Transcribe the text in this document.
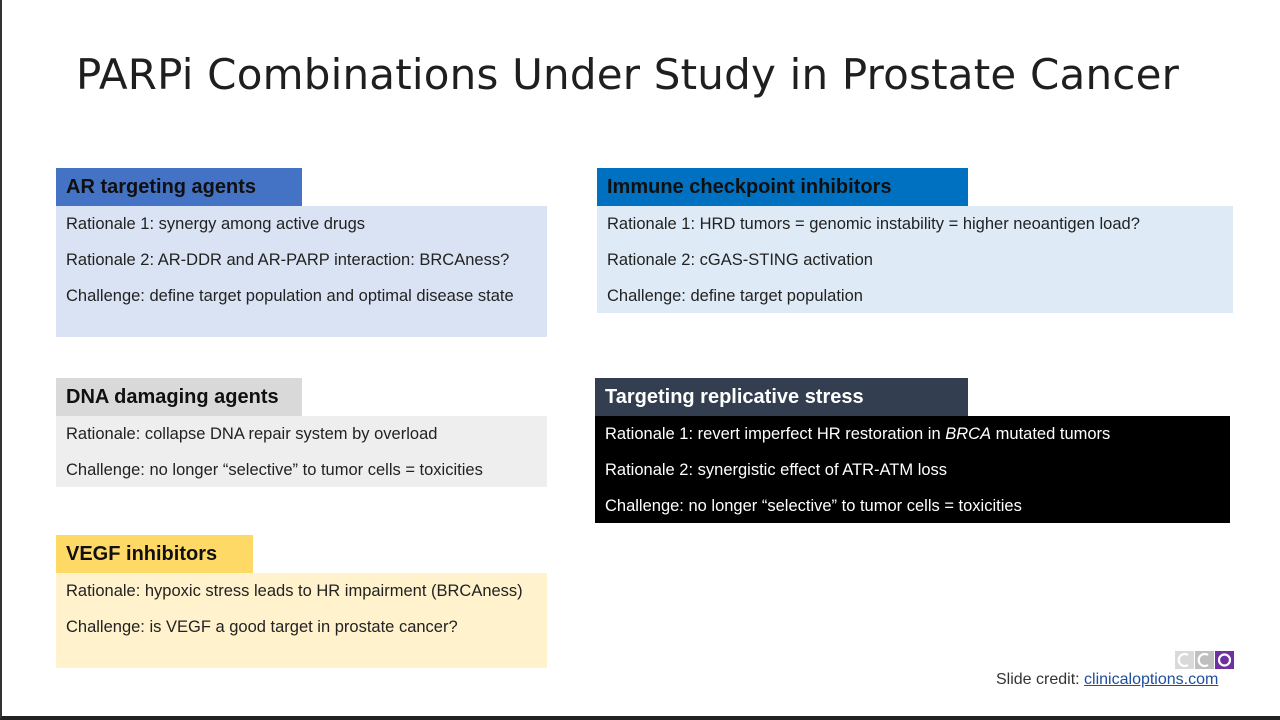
PARPi Combinations Under Study in Prostate Cancer
AR targeting agents
Rationale 1: synergy among active drugs
Rationale 2: AR-DDR and AR-PARP interaction: BRCAness?
Challenge: define target population and optimal disease state
Immune checkpoint inhibitors
Rationale 1: HRD tumors = genomic instability = higher neoantigen load?
Rationale 2: cGAS-STING activation
Challenge: define target population
DNA damaging agents
Rationale: collapse DNA repair system by overload
Challenge: no longer “selective” to tumor cells = toxicities
Targeting replicative stress
Rationale 1: revert imperfect HR restoration in BRCA mutated tumors
Rationale 2: synergistic effect of ATR-ATM loss
Challenge: no longer “selective” to tumor cells = toxicities
VEGF inhibitors
Rationale: hypoxic stress leads to HR impairment (BRCAness)
Challenge: is VEGF a good target in prostate cancer?
Slide credit: clinicaloptions.com
